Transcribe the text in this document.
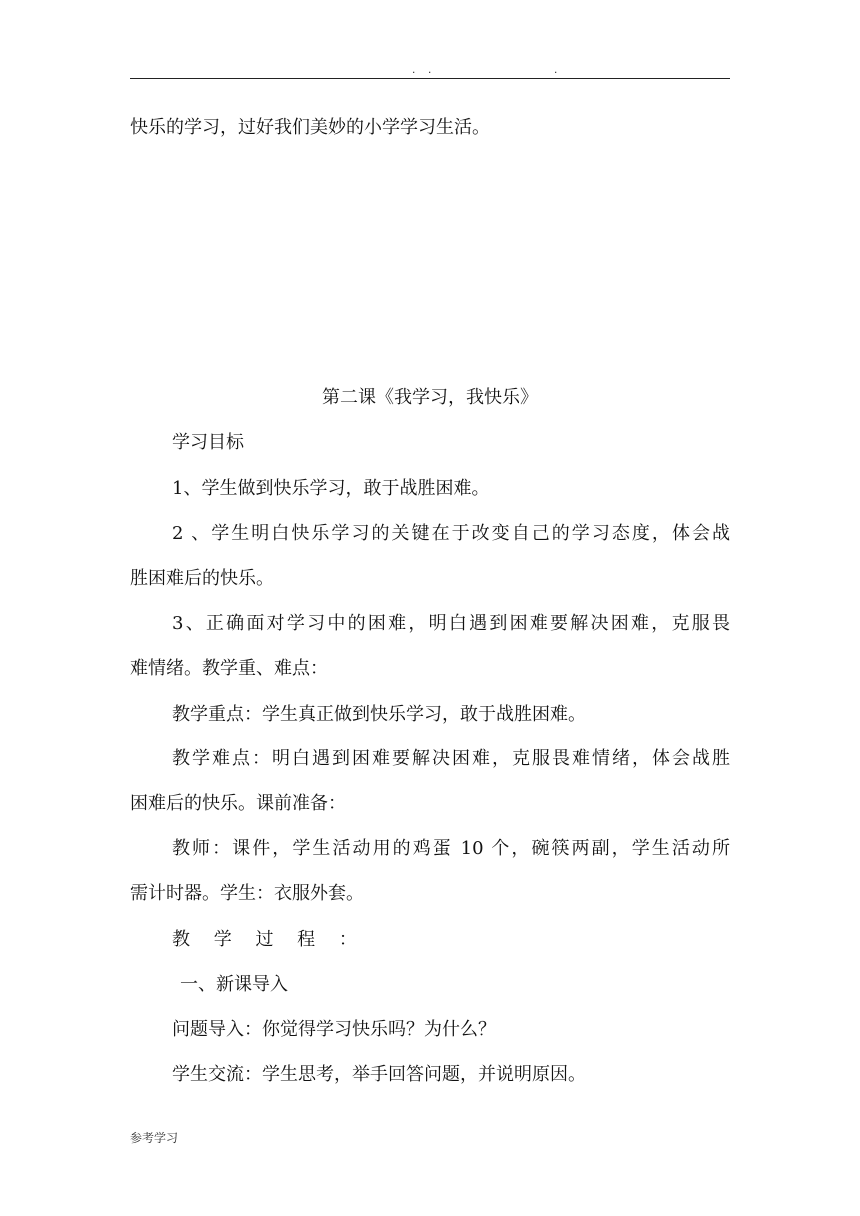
. .	.
快乐的学习，过好我们美妙的小学学习生活。
第二课《我学习，我快乐》
学习目标
1、学生做到快乐学习，敢于战胜困难。
2 、学生明白快乐学习的关键在于改变自己的学习态度，体会战
胜困难后的快乐。
3、正确面对学习中的困难，明白遇到困难要解决困难，克服畏
难情绪。教学重、难点：
教学重点：学生真正做到快乐学习，敢于战胜困难。
教学难点：明白遇到困难要解决困难，克服畏难情绪，体会战胜
困难后的快乐。课前准备：
教师：课件，学生活动用的鸡蛋 10 个，碗筷两副，学生活动所
需计时器。学生：衣服外套。
教 学 过 程 ：
一、新课导入
问题导入：你觉得学习快乐吗？为什么？
学生交流：学生思考，举手回答问题，并说明原因。
参考学习
